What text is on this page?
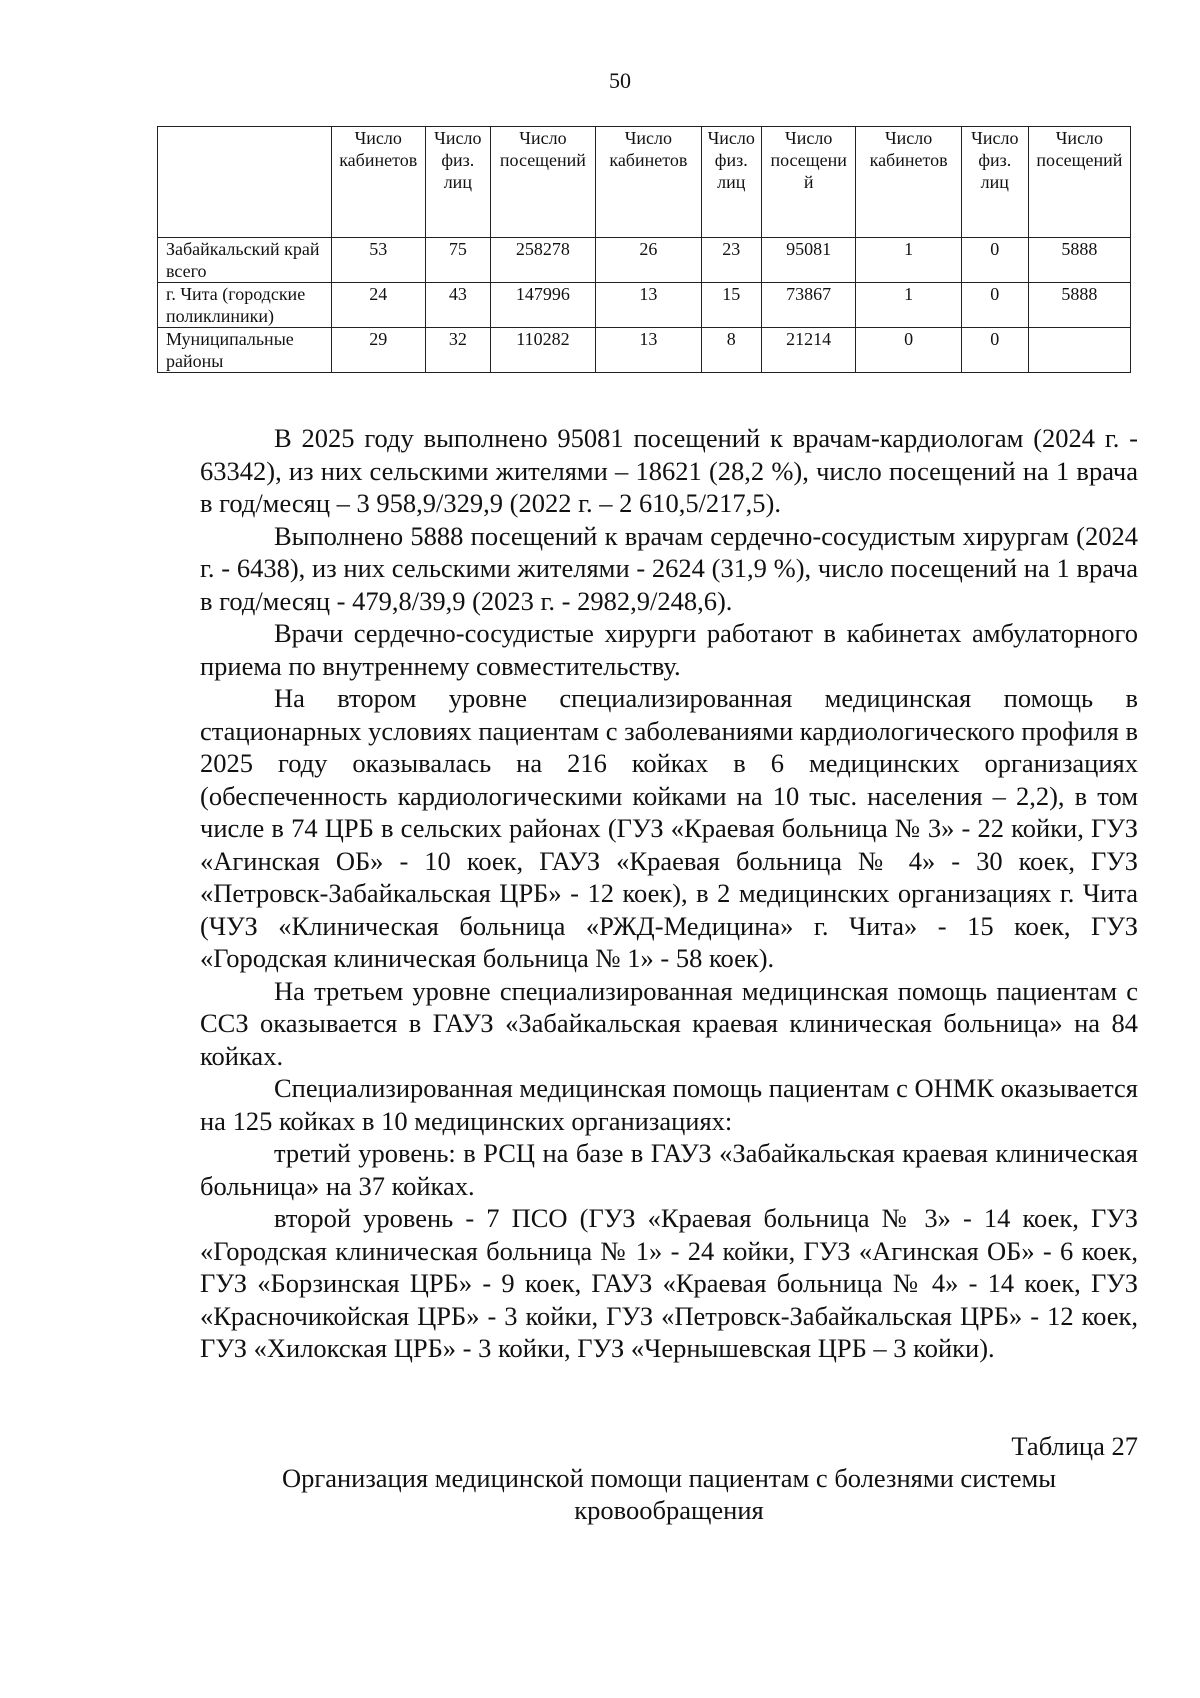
50
	Число кабинетов	Число физ. лиц	Число посещений	Число кабинетов	Число физ. лиц	Число посещени й	Число кабинетов	Число физ. лиц	Число посещений
Забайкальский край всего	53	75	258278	26	23	95081	1	0	5888
г. Чита (городские поликлиники)	24	43	147996	13	15	73867	1	0	5888
Муниципальные районы	29	32	110282	13	8	21214	0	0	

В 2025 году выполнено 95081 посещений к врачам-кардиологам (2024 г. - 63342), из них сельскими жителями – 18621 (28,2 %), число посещений на 1 врача в год/месяц – 3 958,9/329,9 (2022 г. – 2 610,5/217,5).

Выполнено 5888 посещений к врачам сердечно-сосудистым хирургам (2024 г. - 6438), из них сельскими жителями - 2624 (31,9 %), число посещений на 1 врача в год/месяц - 479,8/39,9 (2023 г. - 2982,9/248,6).

Врачи сердечно-сосудистые хирурги работают в кабинетах амбулаторного приема по внутреннему совместительству.

На втором уровне специализированная медицинская помощь в стационарных условиях пациентам с заболеваниями кардиологического профиля в 2025 году оказывалась на 216 койках в 6 медицинских организациях (обеспеченность кардиологическими койками на 10 тыс. населения – 2,2), в том числе в 74 ЦРБ в сельских районах (ГУЗ «Краевая больница № 3» - 22 койки, ГУЗ «Агинская ОБ» - 10 коек, ГАУЗ «Краевая больница № 4» - 30 коек, ГУЗ «Петровск-Забайкальская ЦРБ» - 12 коек), в 2 медицинских организациях г. Чита (ЧУЗ «Клиническая больница «РЖД-Медицина» г. Чита» - 15 коек, ГУЗ «Городская клиническая больница № 1» - 58 коек).

На третьем уровне специализированная медицинская помощь пациентам с ССЗ оказывается в ГАУЗ «Забайкальская краевая клиническая больница» на 84 койках.

Специализированная медицинская помощь пациентам с ОНМК оказывается на 125 койках в 10 медицинских организациях:

третий уровень: в РСЦ на базе в ГАУЗ «Забайкальская краевая клиническая больница» на 37 койках.

второй уровень - 7 ПСО (ГУЗ «Краевая больница № 3» - 14 коек, ГУЗ «Городская клиническая больница № 1» - 24 койки, ГУЗ «Агинская ОБ» - 6 коек, ГУЗ «Борзинская ЦРБ» - 9 коек, ГАУЗ «Краевая больница № 4» - 14 коек, ГУЗ «Красночикойская ЦРБ» - 3 койки, ГУЗ «Петровск-Забайкальская ЦРБ» - 12 коек, ГУЗ «Хилокская ЦРБ» - 3 койки, ГУЗ «Чернышевская ЦРБ – 3 койки).

Таблица 27
Организация медицинской помощи пациентам с болезнями системы кровообращения
